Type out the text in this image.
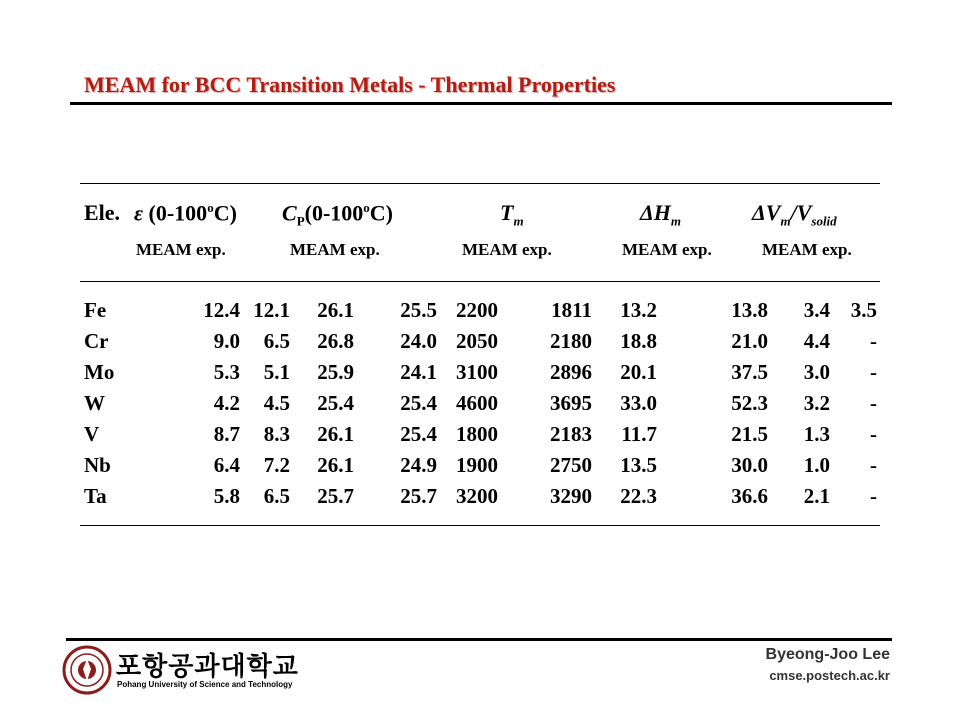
MEAM for BCC Transition Metals - Thermal Properties
Ele. ε (0-100$^o$C) $C_P(0-100^oC)$	$T_m$	$\Delta H_m$	$\Delta V_m/V_{solid}$
MEAM exp.	MEAM exp.	MEAM exp.	MEAM exp.	MEAM exp.
Fe	12.4 12.1 26.1 25.5 2200	1811 13.2	13.8 3.4 3.5
Cr	9.0 6.5 26.8 24.0 2050 2180 18.8	21.0 4.4 -
Mo	5.3 5.1 25.9 24.1 3100 2896 20.1	37.5 3.0 -
W	4.2 4.5 25.4 25.4 4600 3695 33.0	52.3 3.2 -
V	8.7 8.3 26.1 25.4 1800 2183 11.7	21.5 1.3 -
Nb	6.4 7.2 26.1 24.9 1900 2750 13.5	30.0 1.0 -
Ta	5.8 6.5 25.7 25.7 3200 3290 22.3	36.6 2.1 -
포항공과대학교
Pohang University of Science and Technology
Byeong-Joo Lee
cmse.postech.ac.kr
